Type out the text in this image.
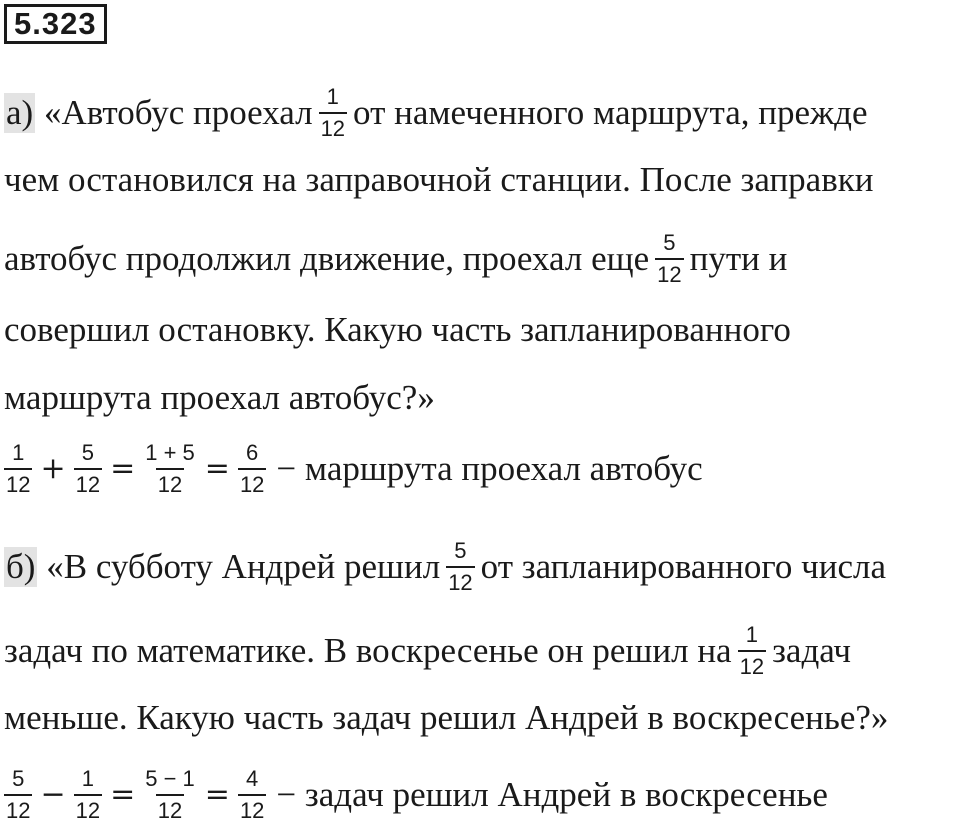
5.323
а) «Автобус проехал $\frac{1}{12}$ от намеченного маршрута, прежде
чем остановился на заправочной станции. После заправки
автобус продолжил движение, проехал еще $\frac{5}{12}$ пути и
совершил остановку. Какую часть запланированного
маршрута проехал автобус?»
$\frac{1}{12} + \frac{5}{12} = \frac{1 + 5}{12} = \frac{6}{12}$ − маршрута проехал автобус
б) «В субботу Андрей решил $\frac{5}{12}$ от запланированного числа
задач по математике. В воскресенье он решил на $\frac{1}{12}$ задач
меньше. Какую часть задач решил Андрей в воскресенье?»
$\frac{5}{12} - \frac{1}{12} = \frac{5 - 1}{12} = \frac{4}{12}$ − задач решил Андрей в воскресенье
